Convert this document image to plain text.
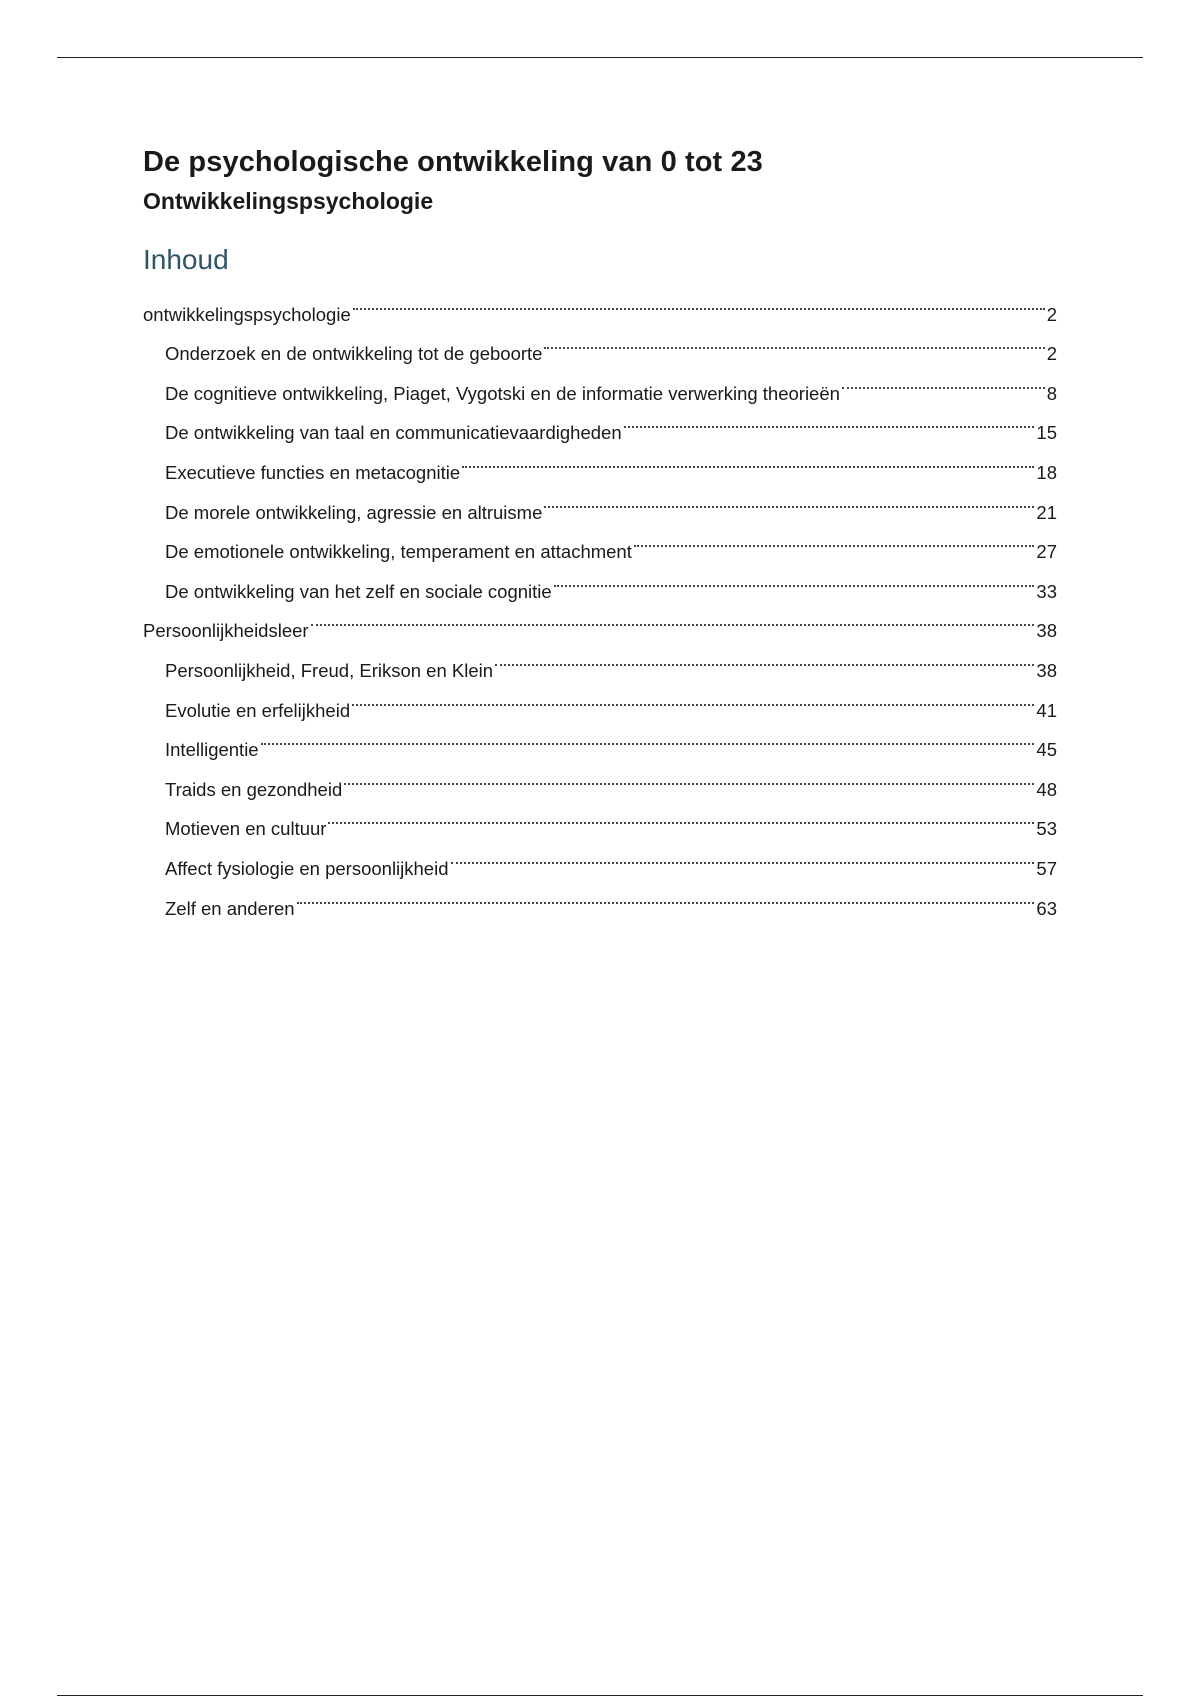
De psychologische ontwikkeling van 0 tot 23
Ontwikkelingspsychologie
Inhoud
ontwikkelingspsychologie	2
Onderzoek en de ontwikkeling tot de geboorte	2
De cognitieve ontwikkeling, Piaget, Vygotski en de informatie verwerking theorieën	8
De ontwikkeling van taal en communicatievaardigheden	15
Executieve functies en metacognitie	18
De morele ontwikkeling, agressie en altruisme	21
De emotionele ontwikkeling, temperament en attachment	27
De ontwikkeling van het zelf en sociale cognitie	33
Persoonlijkheidsleer	38
Persoonlijkheid, Freud, Erikson en Klein	38
Evolutie en erfelijkheid	41
Intelligentie	45
Traids en gezondheid	48
Motieven en cultuur	53
Affect fysiologie en persoonlijkheid	57
Zelf en anderen	63
